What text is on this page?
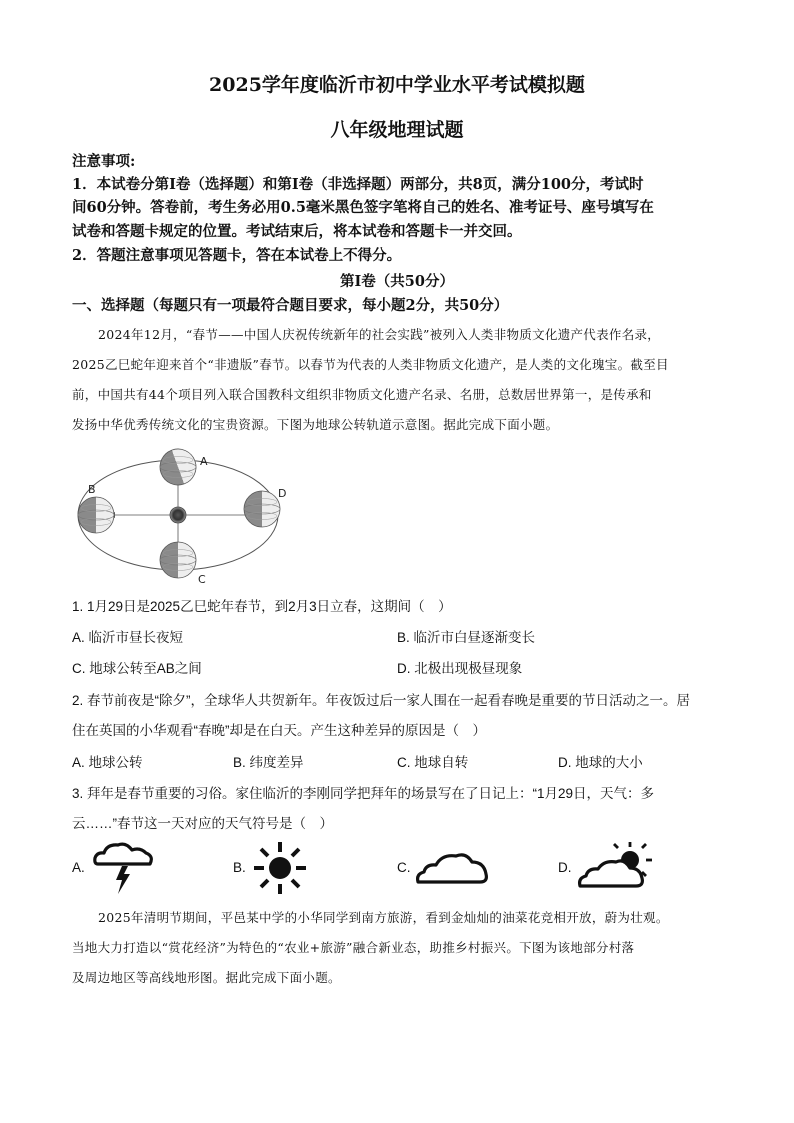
2025学年度临沂市初中学业水平考试模拟题
八年级地理试题
注意事项:
1．本试卷分第Ⅰ卷（选择题）和第Ⅰ卷（非选择题）两部分，共8页，满分100分，考试时
间60分钟。答卷前，考生务必用0.5毫米黑色签字笔将自己的姓名、准考证号、座号填写在
试卷和答题卡规定的位置。考试结束后，将本试卷和答题卡一并交回。
2．答题注意事项见答题卡，答在本试卷上不得分。
第Ⅰ卷（共50分）
一、选择题（每题只有一项最符合题目要求，每小题2分，共50分）
2024年12月，“春节——中国人庆祝传统新年的社会实践”被列入人类非物质文化遗产代表作名录，
2025乙巳蛇年迎来首个“非遗版”春节。以春节为代表的人类非物质文化遗产，是人类的文化瑰宝。截至目
前，中国共有44个项目列入联合国教科文组织非物质文化遗产名录、名册，总数居世界第一，是传承和
发扬中华优秀传统文化的宝贵资源。下图为地球公转轨道示意图。据此完成下面小题。
A
B	D
C
1. 1月29日是2025乙巳蛇年春节，到2月3日立春，这期间（　）
A. 临沂市昼长夜短	B. 临沂市白昼逐渐变长
C. 地球公转至AB之间	D. 北极出现极昼现象
2. 春节前夜是“除夕”，全球华人共贺新年。年夜饭过后一家人围在一起看春晚是重要的节日活动之一。居
住在英国的小华观看“春晚”却是在白天。产生这种差异的原因是（　）
A. 地球公转	B. 纬度差异	C. 地球自转	D. 地球的大小
3. 拜年是春节重要的习俗。家住临沂的李刚同学把拜年的场景写在了日记上：“1月29日，天气：多
云……”春节这一天对应的天气符号是（　）
A.	B.	C.	D.
2025年清明节期间，平邑某中学的小华同学到南方旅游，看到金灿灿的油菜花竞相开放，蔚为壮观。
当地大力打造以“赏花经济”为特色的“农业+旅游”融合新业态，助推乡村振兴。下图为该地部分村落
及周边地区等高线地形图。据此完成下面小题。
